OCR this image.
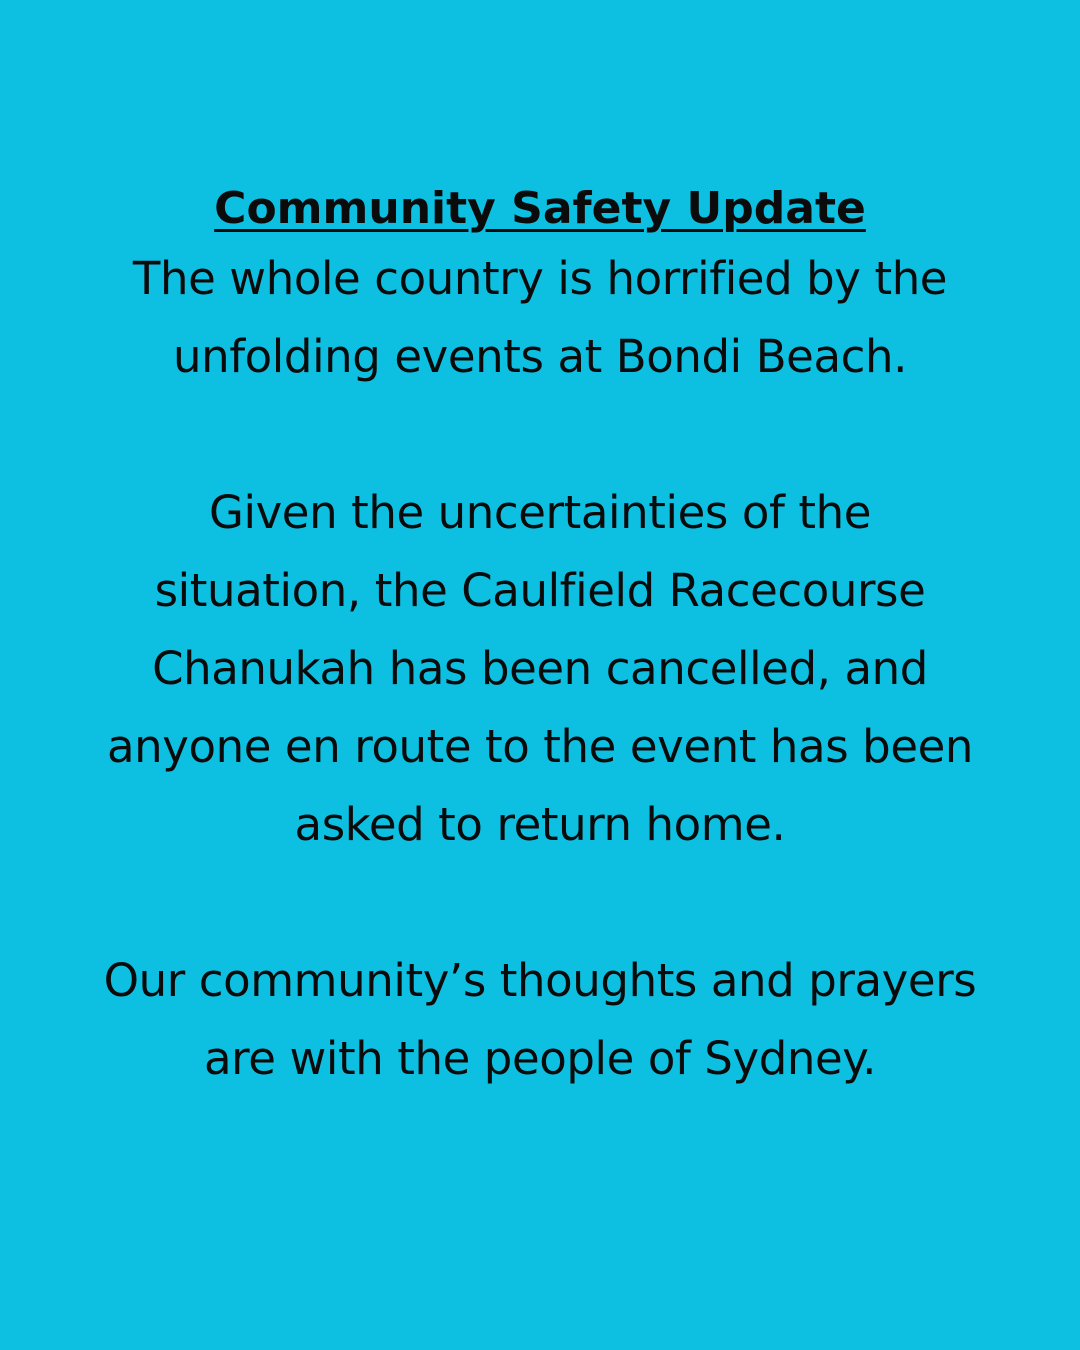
Community Safety Update

The whole country is horrified by the
unfolding events at Bondi Beach.

Given the uncertainties of the
situation, the Caulfield Racecourse
Chanukah has been cancelled, and
anyone en route to the event has been
asked to return home.

Our community’s thoughts and prayers
are with the people of Sydney.
